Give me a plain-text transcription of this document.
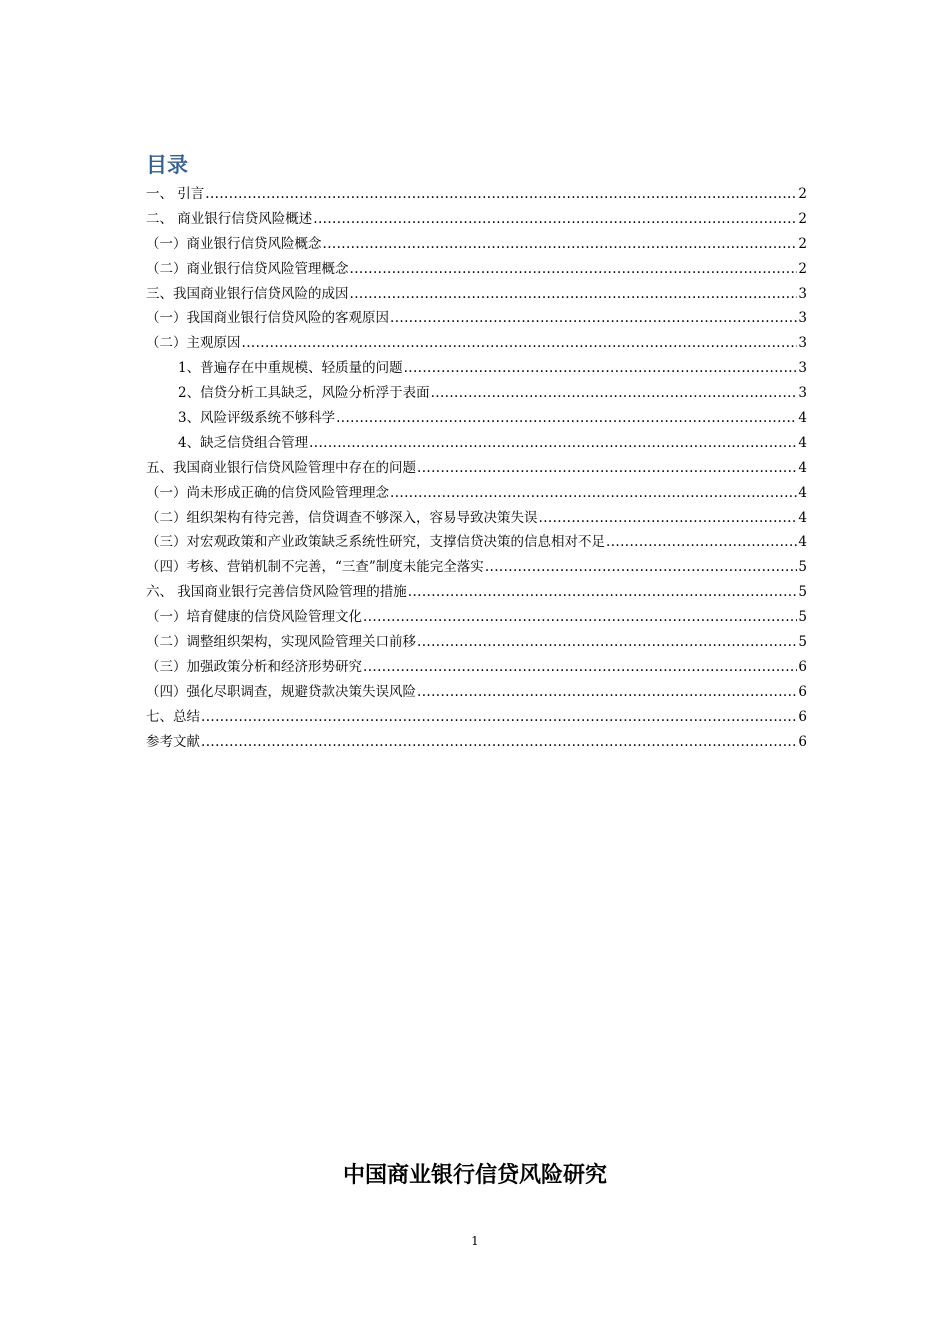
目录
一、 引言 .....	2
二、 商业银行信贷风险概述 .....	2
（一）商业银行信贷风险概念 .....	2
（二）商业银行信贷风险管理概念 .....	2
三、我国商业银行信贷风险的成因 .....	3
（一）我国商业银行信贷风险的客观原因 .....	3
（二）主观原因 .....	3
1、普遍存在中重规模、轻质量的问题 .....	3
2、信贷分析工具缺乏，风险分析浮于表面 .....	3
3、风险评级系统不够科学 .....	4
4、缺乏信贷组合管理 .....	4
五、我国商业银行信贷风险管理中存在的问题 .....	4
（一）尚未形成正确的信贷风险管理理念 .....	4
（二）组织架构有待完善，信贷调查不够深入，容易导致决策失误 .....	4
（三）对宏观政策和产业政策缺乏系统性研究，支撑信贷决策的信息相对不足 .....	4
（四）考核、营销机制不完善，“三查”制度未能完全落实 .....	5
六、 我国商业银行完善信贷风险管理的措施 .....	5
（一）培育健康的信贷风险管理文化 .....	5
（二）调整组织架构，实现风险管理关口前移 .....	5
（三）加强政策分析和经济形势研究 .....	6
（四）强化尽职调查，规避贷款决策失误风险 .....	6
七、总结 .....	6
参考文献 .....	6
中国商业银行信贷风险研究
1
